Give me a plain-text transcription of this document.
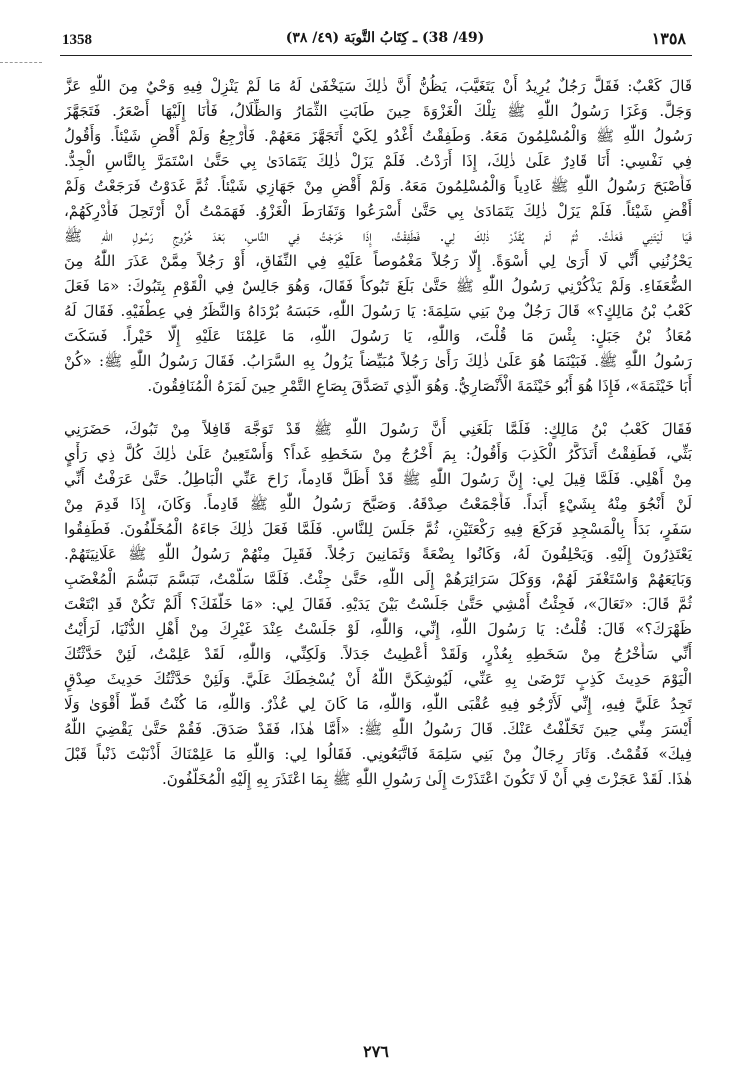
1358	(49/ 38) ـ كِتَابُ التَّوبَة (٤٩/ ٣٨)	١٣٥٨
قَالَ كَعْبٌ: فَقَلَّ رَجُلٌ يُرِيدُ أَنْ يَتَغَيَّبَ، يَظُنُّ أَنَّ ذٰلِكَ سَيَخْفَىٰ لَهُ مَا لَمْ يَنْزِلْ فِيهِ وَحْيٌ مِنَ اللّٰهِ عَزَّ
وَجَلَّ. وَغَزَا رَسُولُ اللّٰهِ ﷺ تِلْكَ الْغَزْوَةَ حِينَ طَابَتِ الثِّمَارُ وَالظِّلَالُ، فَأَنَا إِلَيْهَا أَصْعَرُ. فَتَجَهَّزَ
رَسُولُ اللّٰهِ ﷺ وَالْمُسْلِمُونَ مَعَهُ. وَطَفِقْتُ أَغْدُو لِكَيْ أَتَجَهَّزَ مَعَهُمْ. فَأَرْجِعُ وَلَمْ أَقْضِ شَيْئاً. وَأَقُولُ
فِي نَفْسِي: أَنَا قَادِرٌ عَلَىٰ ذٰلِكَ، إِذَا أَرَدْتُ. فَلَمْ يَزَلْ ذٰلِكَ يَتَمَادَىٰ بِي حَتَّىٰ اسْتَمَرَّ بِالنَّاسِ الْجِدُّ.
فَأَصْبَحَ رَسُولُ اللّٰهِ ﷺ غَادِياً وَالْمُسْلِمُونَ مَعَهُ. وَلَمْ أَقْضِ مِنْ جَهَازِي شَيْئاً. ثُمَّ غَدَوْتُ فَرَجَعْتُ وَلَمْ
أَقْضِ شَيْئاً. فَلَمْ يَزَلْ ذٰلِكَ يَتَمَادَىٰ بِي حَتَّىٰ أَسْرَعُوا وَتَفَارَطَ الْغَزْوُ. فَهَمَمْتُ أَنْ أَرْتَحِلَ فَأُدْرِكَهُمْ،
فَيَا لَيْتَنِي فَعَلْتُ. ثُمَّ لَمْ يُقَدَّرْ ذٰلِكَ لِي. فَطَفِقْتُ، إِذَا خَرَجْتُ فِي النَّاسِ، بَعْدَ خُرُوجِ رَسُولِ اللّٰهِ ﷺ
يَحْزُنُنِي أَنِّي لَا أَرَىٰ لِي أُسْوَةً. إِلَّا رَجُلاً مَغْمُوصاً عَلَيْهِ فِي النِّفَاقِ، أَوْ رَجُلاً مِمَّنْ عَذَرَ اللّٰهُ مِنَ
الضُّعَفَاءِ. وَلَمْ يَذْكُرْنِي رَسُولُ اللّٰهِ ﷺ حَتَّىٰ بَلَغَ تَبُوكاً فَقَالَ، وَهُوَ جَالِسٌ فِي الْقَوْمِ بِتَبُوكَ: «مَا فَعَلَ
كَعْبُ بْنُ مَالِكٍ؟» قَالَ رَجُلٌ مِنْ بَنِي سَلِمَةَ: يَا رَسُولَ اللّٰهِ، حَبَسَهُ بُرْدَاهُ وَالنَّظَرُ فِي عِطْفَيْهِ. فَقَالَ لَهُ
مُعَاذُ بْنُ جَبَلٍ: بِئْسَ مَا قُلْتَ، وَاللّٰهِ، يَا رَسُولَ اللّٰهِ، مَا عَلِمْنَا عَلَيْهِ إِلَّا خَيْراً. فَسَكَتَ
رَسُولُ اللّٰهِ ﷺ. فَبَيْنَمَا هُوَ عَلَىٰ ذٰلِكَ رَأَىٰ رَجُلاً مُبَيِّضاً يَزُولُ بِهِ السَّرَابُ. فَقَالَ رَسُولُ اللّٰهِ ﷺ: «كُنْ
أَبَا خَيْثَمَةَ»، فَإِذَا هُوَ أَبُو خَيْثَمَةَ الْأَنْصَارِيُّ. وَهُوَ الَّذِي تَصَدَّقَ بِصَاعِ التَّمْرِ حِينَ لَمَزَهُ الْمُنَافِقُونَ.
فَقَالَ كَعْبُ بْنُ مَالِكٍ: فَلَمَّا بَلَغَنِي أَنَّ رَسُولَ اللّٰهِ ﷺ قَدْ تَوَجَّهَ قَافِلاً مِنْ تَبُوكَ، حَضَرَنِي
بَثِّي، فَطَفِقْتُ أَتَذَكَّرُ الْكَذِبَ وَأَقُولُ: بِمَ أَخْرُجُ مِنْ سَخَطِهِ غَداً؟ وَأَسْتَعِينُ عَلَىٰ ذٰلِكَ كُلَّ ذِي رَأْيٍ
مِنْ أَهْلِي. فَلَمَّا قِيلَ لِي: إِنَّ رَسُولَ اللّٰهِ ﷺ قَدْ أَظَلَّ قَادِماً، زَاحَ عَنِّي الْبَاطِلُ. حَتَّىٰ عَرَفْتُ أَنِّي
لَنْ أَنْجُوَ مِنْهُ بِشَيْءٍ أَبَداً. فَأَجْمَعْتُ صِدْقَهُ. وَصَبَّحَ رَسُولُ اللّٰهِ ﷺ قَادِماً. وَكَانَ، إِذَا قَدِمَ مِنْ
سَفَرٍ، بَدَأَ بِالْمَسْجِدِ فَرَكَعَ فِيهِ رَكْعَتَيْنِ، ثُمَّ جَلَسَ لِلنَّاسِ. فَلَمَّا فَعَلَ ذٰلِكَ جَاءَهُ الْمُخَلَّفُونَ. فَطَفِقُوا
يَعْتَذِرُونَ إِلَيْهِ. وَيَحْلِفُونَ لَهُ، وَكَانُوا بِضْعَةً وَثَمَانِينَ رَجُلاً. فَقَبِلَ مِنْهُمْ رَسُولُ اللّٰهِ ﷺ عَلَانِيَتَهُمْ.
وَبَايَعَهُمْ وَاسْتَغْفَرَ لَهُمْ، وَوَكَلَ سَرَائِرَهُمْ إِلَى اللّٰهِ، حَتَّىٰ جِئْتُ. فَلَمَّا سَلَّمْتُ، تَبَسَّمَ تَبَسُّمَ الْمُغْضَبِ
ثُمَّ قَالَ: «تَعَالَ»، فَجِئْتُ أَمْشِي حَتَّىٰ جَلَسْتُ بَيْنَ يَدَيْهِ. فَقَالَ لِي: «مَا خَلَّفَكَ؟ أَلَمْ تَكُنْ قَدِ ابْتَعْتَ
ظَهْرَكَ؟» قَالَ: قُلْتُ: يَا رَسُولَ اللّٰهِ، إِنِّي، وَاللّٰهِ، لَوْ جَلَسْتُ عِنْدَ غَيْرِكَ مِنْ أَهْلِ الدُّنْيَا، لَرَأَيْتُ
أَنِّي سَأَخْرُجُ مِنْ سَخَطِهِ بِعُذْرٍ، وَلَقَدْ أُعْطِيتُ جَدَلاً. وَلَكِنِّي، وَاللّٰهِ، لَقَدْ عَلِمْتُ، لَئِنْ حَدَّثْتُكَ
الْيَوْمَ حَدِيثَ كَذِبٍ تَرْضَىٰ بِهِ عَنِّي، لَيُوشِكَنَّ اللّٰهُ أَنْ يُسْخِطَكَ عَلَيَّ. وَلَئِنْ حَدَّثْتُكَ حَدِيثَ صِدْقٍ
تَجِدُ عَلَيَّ فِيهِ، إِنِّي لَأَرْجُو فِيهِ عُقْبَى اللّٰهِ، وَاللّٰهِ، مَا كَانَ لِي عُذْرٌ. وَاللّٰهِ، مَا كُنْتُ قَطُّ أَقْوَىٰ وَلَا
أَيْسَرَ مِنِّي حِينَ تَخَلَّفْتُ عَنْكَ. قَالَ رَسُولُ اللّٰهِ ﷺ: «أَمَّا هٰذَا، فَقَدْ صَدَقَ. فَقُمْ حَتَّىٰ يَقْضِيَ اللّٰهُ
فِيكَ» فَقُمْتُ. وَثَارَ رِجَالٌ مِنْ بَنِي سَلِمَةَ فَاتَّبَعُونِي. فَقَالُوا لِي: وَاللّٰهِ مَا عَلِمْنَاكَ أَذْنَبْتَ ذَنْباً قَبْلَ
هٰذَا. لَقَدْ عَجَزْتَ فِي أَنْ لَا تَكُونَ اعْتَذَرْتَ إِلَىٰ رَسُولِ اللّٰهِ ﷺ بِمَا اعْتَذَرَ بِهِ إِلَيْهِ الْمُخَلَّفُونَ.
٢٧٦
